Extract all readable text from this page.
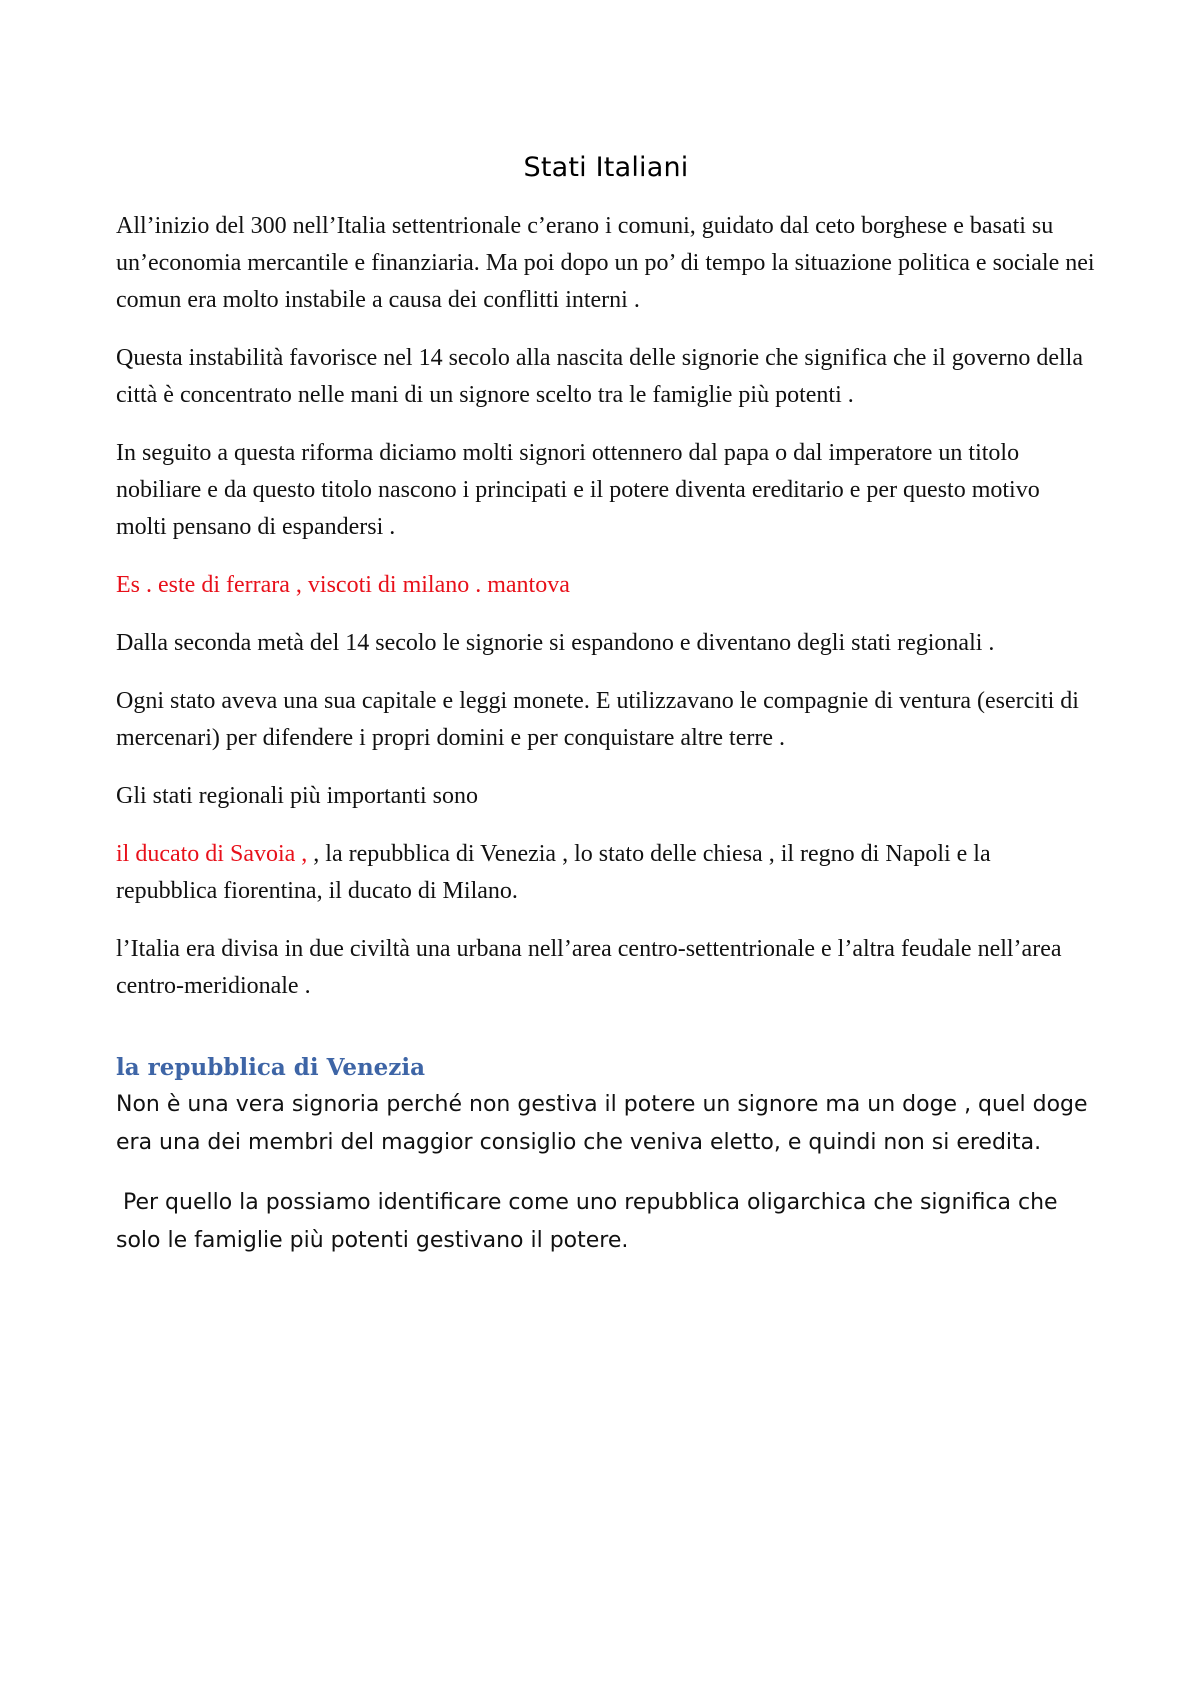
Stati Italiani

All’inizio del 300 nell’Italia settentrionale c’erano i comuni, guidato dal ceto borghese e basati su un’economia mercantile e finanziaria. Ma poi dopo un po’ di tempo la situazione politica e sociale nei comun era molto instabile a causa dei conflitti interni .

Questa instabilità favorisce nel 14 secolo alla nascita delle signorie che significa che il governo della città è concentrato nelle mani di un signore scelto tra le famiglie più potenti .

In seguito a questa riforma diciamo molti signori ottennero dal papa o dal imperatore un titolo nobiliare e da questo titolo nascono i principati e il potere diventa ereditario e per questo motivo molti pensano di espandersi .

Es . este di ferrara , viscoti di milano . mantova

Dalla seconda metà del 14 secolo le signorie si espandono e diventano degli stati regionali .

Ogni stato aveva una sua capitale e leggi monete. E utilizzavano le compagnie di ventura (eserciti di mercenari) per difendere i propri domini e per conquistare altre terre .

Gli stati regionali più importanti sono

il ducato di Savoia , , la repubblica di Venezia , lo stato delle chiesa , il regno di Napoli e la repubblica fiorentina, il ducato di Milano.

l’Italia era divisa in due civiltà una urbana nell’area centro-settentrionale e l’altra feudale nell’area centro-meridionale .

la repubblica di Venezia

Non è una vera signoria perché non gestiva il potere un signore ma un doge , quel doge era una dei membri del maggior consiglio che veniva eletto, e quindi non si eredita.

Per quello la possiamo identificare come uno repubblica oligarchica che significa che solo le famiglie più potenti gestivano il potere.
